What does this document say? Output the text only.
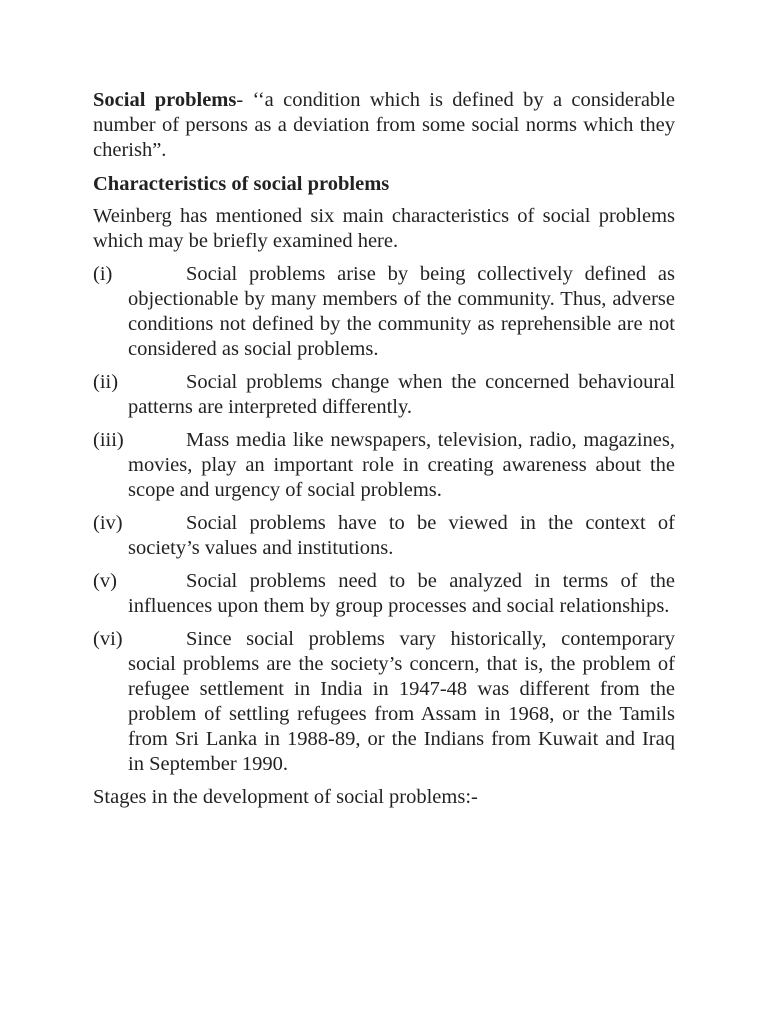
Social problems- ‘‘a condition which is defined by a considerable number of persons as a deviation from some social norms which they cherish”.

Characteristics of social problems

Weinberg has mentioned six main characteristics of social problems which may be briefly examined here.

(i)	Social problems arise by being collectively defined as objectionable by many members of the community. Thus, adverse conditions not defined by the community as reprehensible are not considered as social problems.
(ii)	Social problems change when the concerned behavioural patterns are interpreted differently.
(iii)	Mass media like newspapers, television, radio, magazines, movies, play an important role in creating awareness about the scope and urgency of social problems.
(iv)	Social problems have to be viewed in the context of society’s values and institutions.
(v)	Social problems need to be analyzed in terms of the influences upon them by group processes and social relationships.
(vi)	Since social problems vary historically, contemporary social problems are the society’s concern, that is, the problem of refugee settlement in India in 1947-48 was different from the problem of settling refugees from Assam in 1968, or the Tamils from Sri Lanka in 1988-89, or the Indians from Kuwait and Iraq in September 1990.

Stages in the development of social problems:-
